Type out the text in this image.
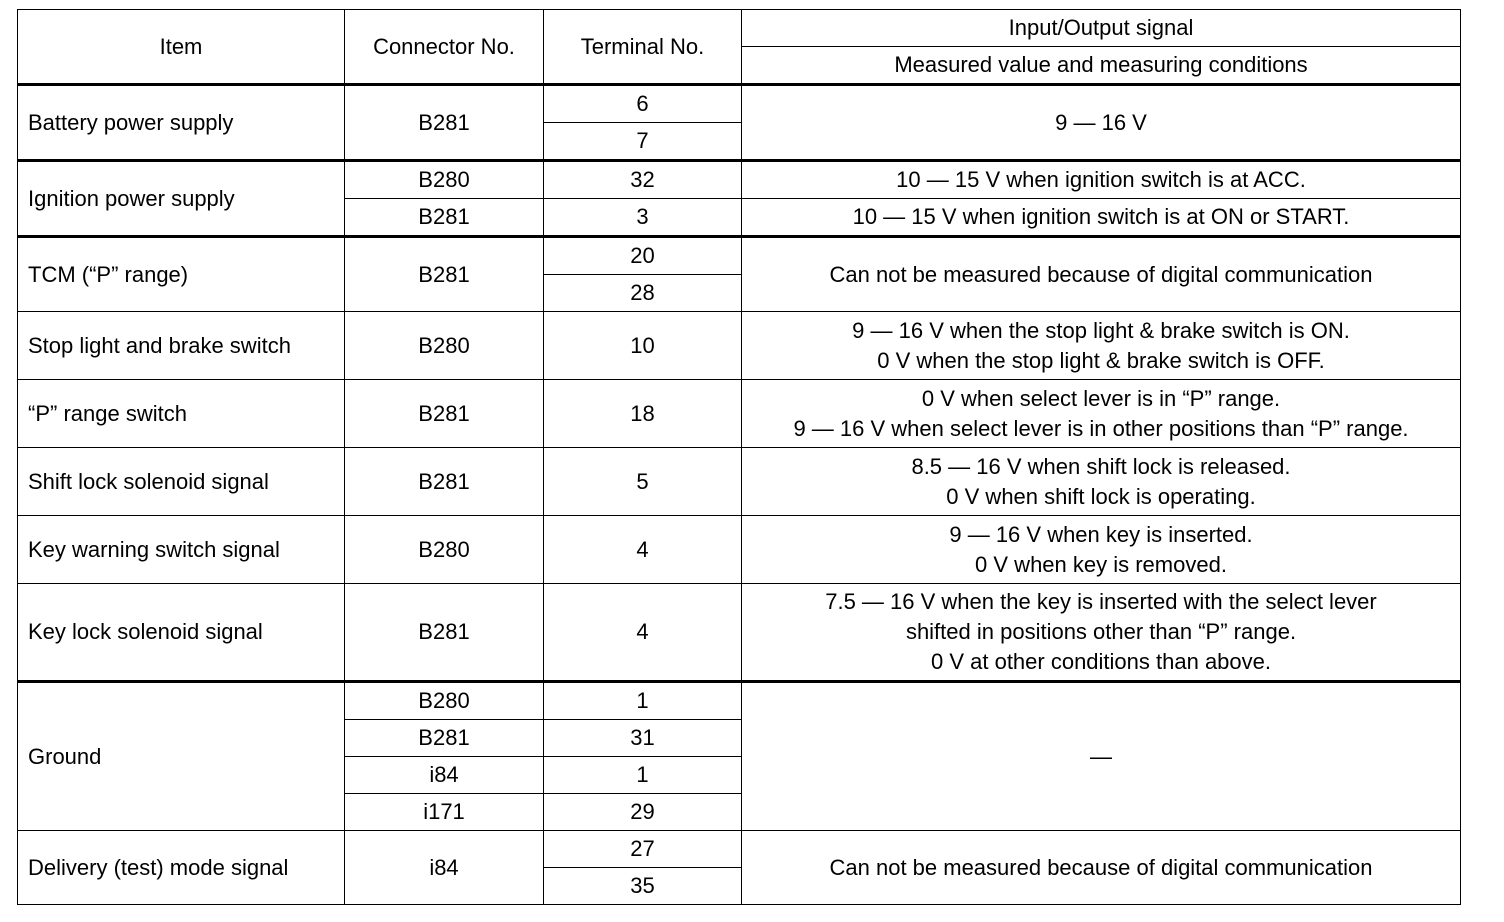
Item	Connector No.	Terminal No.	Input/Output signal
			Measured value and measuring conditions
Battery power supply	B281	6	9 — 16 V
		7	
Ignition power supply	B280	32	10 — 15 V when ignition switch is at ACC.
	B281	3	10 — 15 V when ignition switch is at ON or START.
TCM (“P” range)	B281	20	Can not be measured because of digital communication
		28	
Stop light and brake switch	B280	10	9 — 16 V when the stop light & brake switch is ON.
0 V when the stop light & brake switch is OFF.

“P” range switch	B281	18	0 V when select lever is in “P” range.
9 — 16 V when select lever is in other positions than “P” range.

Shift lock solenoid signal	B281	5	8.5 — 16 V when shift lock is released.
0 V when shift lock is operating.

Key warning switch signal	B280	4	9 — 16 V when key is inserted.
0 V when key is removed.

Key lock solenoid signal	B281	4	7.5 — 16 V when the key is inserted with the select lever
shifted in positions other than “P” range.
0 V at other conditions than above.

Ground	B280	1	—
	B281	31	
	i84	1	
	i171	29	
Delivery (test) mode signal	i84	27	Can not be measured because of digital communication
		35	
